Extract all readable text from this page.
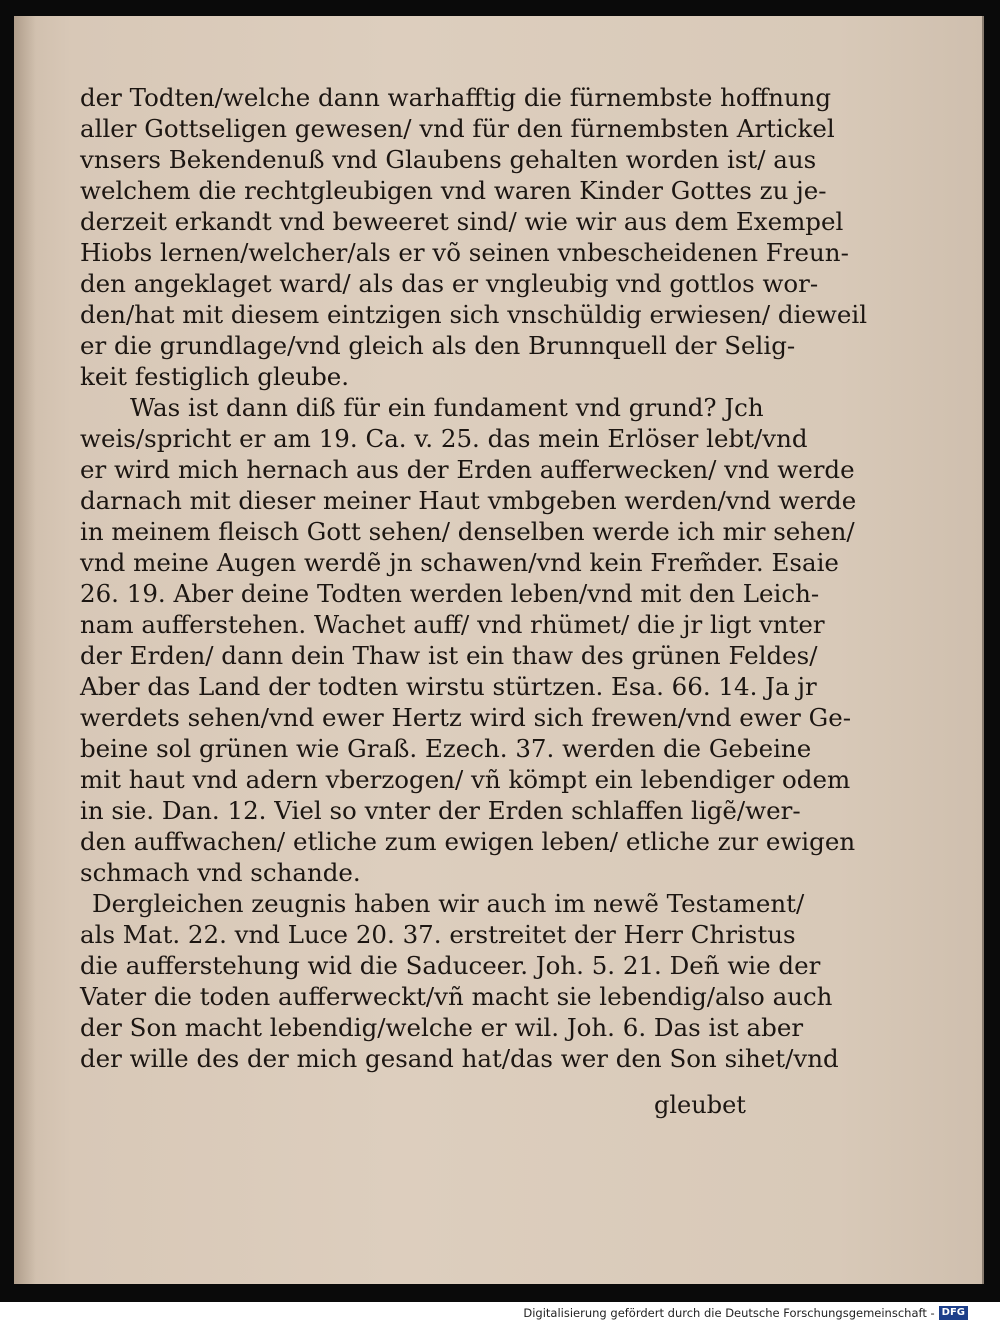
der Todten/welche dann warhafftig die fürnembste hoffnung
aller Gottseligen gewesen/ vnd für den fürnembsten Artickel
vnsers Bekendenuß vnd Glaubens gehalten worden ist/ aus
welchem die rechtgleubigen vnd waren Kinder Gottes zu je-
derzeit erkandt vnd beweeret sind/ wie wir aus dem Exempel
Hiobs lernen/welcher/als er võ seinen vnbescheidenen Freun-
den angeklaget ward/ als das er vngleubig vnd gottlos wor-
den/hat mit diesem eintzigen sich vnschüldig erwiesen/ dieweil
er die grundlage/vnd gleich als den Brunnquell der Selig-
keit festiglich gleube.
Was ist dann diß für ein fundament vnd grund? Jch
weis/spricht er am 19. Ca. v. 25. das mein Erlöser lebt/vnd
er wird mich hernach aus der Erden aufferwecken/ vnd werde
darnach mit dieser meiner Haut vmbgeben werden/vnd werde
in meinem fleisch Gott sehen/ denselben werde ich mir sehen/
vnd meine Augen werdẽ jn schawen/vnd kein Frem̃der. Esaie
26. 19. Aber deine Todten werden leben/vnd mit den Leich-
nam aufferstehen. Wachet auff/ vnd rhümet/ die jr ligt vnter
der Erden/ dann dein Thaw ist ein thaw des grünen Feldes/
Aber das Land der todten wirstu stürtzen. Esa. 66. 14. Ja jr
werdets sehen/vnd ewer Hertz wird sich frewen/vnd ewer Ge-
beine sol grünen wie Graß. Ezech. 37. werden die Gebeine
mit haut vnd adern vberzogen/ vñ kömpt ein lebendiger odem
in sie. Dan. 12. Viel so vnter der Erden schlaffen ligẽ/wer-
den auffwachen/ etliche zum ewigen leben/ etliche zur ewigen
schmach vnd schande.
Dergleichen zeugnis haben wir auch im newẽ Testament/
als Mat. 22. vnd Luce 20. 37. erstreitet der Herr Christus
die aufferstehung wid die Saduceer. Joh. 5. 21. Deñ wie der
Vater die toden aufferweckt/vñ macht sie lebendig/also auch
der Son macht lebendig/welche er wil. Joh. 6. Das ist aber
der wille des der mich gesand hat/das wer den Son sihet/vnd
gleubet
Digitalisierung gefördert durch die Deutsche Forschungsgemeinschaft - DFG
